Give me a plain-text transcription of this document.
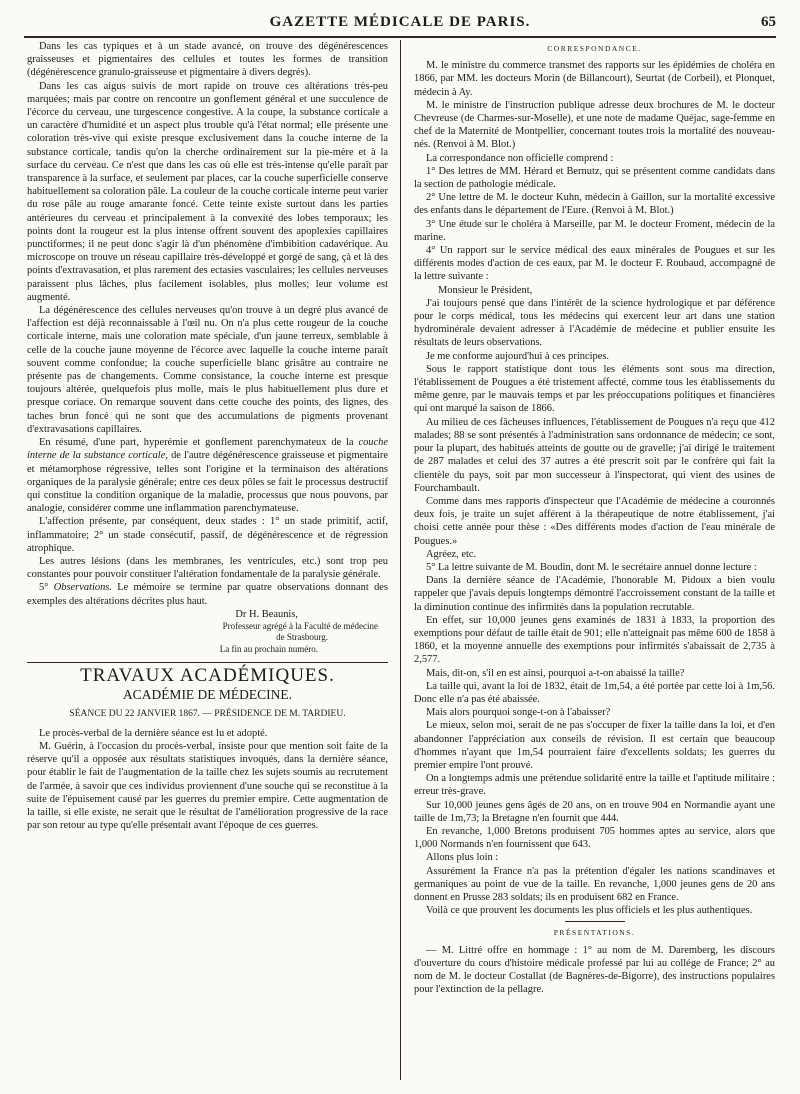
GAZETTE MÉDICALE DE PARIS.	65

Dans les cas typiques et à un stade avancé, on trouve des dégénérescences graisseuses et pigmentaires des cellules et toutes les formes de transition (dégénérescence granulo-graisseuse et pigmentaire à divers degrés).

Dans les cas aigus suivis de mort rapide on trouve ces altérations très-peu marquées; mais par contre on rencontre un gonflement général et une succulence de l'écorce du cerveau, une turgescence congestive. A la coupe, la substance corticale a un caractère d'humidité et un aspect plus trouble qu'à l'état normal; elle présente une coloration très-vive qui existe presque exclusivement dans la couche interne de la substance corticale, tandis qu'on la cherche ordinairement sur la pie-mère et à la surface du cerveau. Ce n'est que dans les cas où elle est très-intense qu'elle paraît par transparence à la surface, et seulement par places, car la couche superficielle conserve habituellement sa coloration pâle. La couleur de la couche corticale interne peut varier du rose pâle au rouge amarante foncé. Cette teinte existe surtout dans les parties antérieures du cerveau et principalement à la convexité des lobes temporaux; les points dont la rougeur est la plus intense offrent souvent des apoplexies capillaires punctiformes; il ne peut donc s'agir là d'un phénomène d'imbibition cadavérique. Au microscope on trouve un réseau capillaire très-développé et gorgé de sang, çà et là des points d'extravasation, et plus rarement des ectasies vasculaires; les cellules nerveuses paraissent plus lâches, plus facilement isolables, plus molles; leur volume est augmenté.

La dégénérescence des cellules nerveuses qu'on trouve à un degré plus avancé de l'affection est déjà reconnaissable à l'œil nu. On n'a plus cette rougeur de la couche corticale interne, mais une coloration mate spéciale, d'un jaune terreux, semblable à celle de la couche jaune moyenne de l'écorce avec laquelle la couche interne paraît souvent comme confondue; la couche superficielle blanc grisâtre au contraire ne présente pas de changements. Comme consistance, la couche interne est presque toujours altérée, quelquefois plus molle, mais le plus habituellement plus dure et presque coriace. On remarque souvent dans cette couche des points, des lignes, des taches brun foncé qui ne sont que des accumulations de pigments provenant d'extravasations capillaires.

En résumé, d'une part, hyperémie et gonflement parenchymateux de la couche interne de la substance corticale, de l'autre dégénérescence graisseuse et pigmentaire et métamorphose régressive, telles sont l'origine et la terminaison des altérations organiques de la paralysie générale; entre ces deux pôles se fait le processus destructif qui constitue la condition organique de la maladie, processus que nous pouvons, par analogie, considérer comme une inflammation parenchymateuse.

L'affection présente, par conséquent, deux stades : 1° un stade primitif, actif, inflammatoire; 2° un stade consécutif, passif, de dégénérescence et de régression atrophique.

Les autres lésions (dans les membranes, les ventricules, etc.) sont trop peu constantes pour pouvoir constituer l'altération fondamentale de la paralysie générale.

5° Observations. Le mémoire se termine par quatre observations donnant des exemples des altérations décrites plus haut.

Dr H. Beaunis,

Professeur agrégé à la Faculté de médecine

de Strasbourg.

La fin au prochain numéro.

TRAVAUX ACADÉMIQUES.
ACADÉMIE DE MÉDECINE.
SÉANCE DU 22 JANVIER 1867. — PRÉSIDENCE DE M. TARDIEU.

Le procès-verbal de la dernière séance est lu et adopté.

M. Guérin, à l'occasion du procès-verbal, insiste pour que mention soit faite de la réserve qu'il a opposée aux résultats statistiques invoqués, dans la dernière séance, pour établir le fait de l'augmentation de la taille chez les sujets soumis au recrutement de l'armée, à savoir que ces individus proviennent d'une souche qui se reconstitue à la suite de l'épuisement causé par les guerres du premier empire. Cette augmentation de la taille, si elle existe, ne serait que le résultat de l'amélioration progressive de la race par son retour au type qu'elle présentait avant l'époque de ces guerres.

CORRESPONDANCE.

M. le ministre du commerce transmet des rapports sur les épidémies de choléra en 1866, par MM. les docteurs Morin (de Billancourt), Seurtat (de Corbeil), et Plonquet, médecin à Ay.

M. le ministre de l'instruction publique adresse deux brochures de M. le docteur Chevreuse (de Charmes-sur-Moselle), et une note de madame Quéjac, sage-femme en chef de la Maternité de Montpellier, concernant toutes trois la mortalité des nouveau-nés. (Renvoi à M. Blot.)

La correspondance non officielle comprend :

1° Des lettres de MM. Hérard et Bernutz, qui se présentent comme candidats dans la section de pathologie médicale.

2° Une lettre de M. le docteur Kuhn, médecin à Gaillon, sur la mortalité excessive des enfants dans le département de l'Eure. (Renvoi à M. Blot.)

3° Une étude sur le choléra à Marseille, par M. le docteur Froment, médecin de la marine.

4° Un rapport sur le service médical des eaux minérales de Pougues et sur les différents modes d'action de ces eaux, par M. le docteur F. Roubaud, accompagné de la lettre suivante :

Monsieur le Président,

J'ai toujours pensé que dans l'intérêt de la science hydrologique et par déférence pour le corps médical, tous les médecins qui exercent leur art dans une station hydrominérale devaient adresser à l'Académie de médecine et publier ensuite les résultats de leurs observations.

Je me conforme aujourd'hui à ces principes.

Sous le rapport statistique dont tous les éléments sont sous ma direction, l'établissement de Pougues a été tristement affecté, comme tous les établissements du même genre, par le mauvais temps et par les préoccupations politiques et financières qui ont marqué la saison de 1866.

Au milieu de ces fâcheuses influences, l'établissement de Pougues n'a reçu que 412 malades; 88 se sont présentés à l'administration sans ordonnance de médecin; ce sont, pour la plupart, des habitués atteints de goutte ou de gravelle; j'ai dirigé le traitement de 287 malades et celui des 37 autres a été prescrit soit par le confrère qui fait la clientèle du pays, soit par mon successeur à l'inspectorat, qui vient des usines de Fourchambault.

Comme dans mes rapports d'inspecteur que l'Académie de médecine a couronnés deux fois, je traite un sujet afférent à la thérapeutique de notre établissement, j'ai choisi cette année pour thèse : «Des différents modes d'action de l'eau minérale de Pougues.»

Agréez, etc.

5° La lettre suivante de M. Boudin, dont M. le secrétaire annuel donne lecture :

Dans la dernière séance de l'Académie, l'honorable M. Pidoux a bien voulu rappeler que j'avais depuis longtemps démontré l'accroissement constant de la taille et la diminution continue des infirmités dans la population recrutable.

En effet, sur 10,000 jeunes gens examinés de 1831 à 1833, la proportion des exemptions pour défaut de taille était de 901; elle n'atteignait pas même 600 de 1858 à 1860, et la moyenne annuelle des exemptions pour infirmités s'abaissait de 2,735 à 2,577.

Mais, dit-on, s'il en est ainsi, pourquoi a-t-on abaissé la taille?

La taille qui, avant la loi de 1832, était de 1m,54, a été portée par cette loi à 1m,56. Donc elle n'a pas été abaissée.

Mais alors pourquoi songe-t-on à l'abaisser?

Le mieux, selon moi, serait de ne pas s'occuper de fixer la taille dans la loi, et d'en abandonner l'appréciation aux conseils de révision. Il est certain que beaucoup d'hommes n'ayant que 1m,54 pourraient faire d'excellents soldats; les guerres du premier empire l'ont prouvé.

On a longtemps admis une prétendue solidarité entre la taille et l'aptitude militaire : erreur très-grave.

Sur 10,000 jeunes gens âgés de 20 ans, on en trouve 904 en Normandie ayant une taille de 1m,73; la Bretagne n'en fournit que 444.

En revanche, 1,000 Bretons produisent 705 hommes aptes au service, alors que 1,000 Normands n'en fournissent que 643.

Allons plus loin :

Assurément la France n'a pas la prétention d'égaler les nations scandinaves et germaniques au point de vue de la taille. En revanche, 1,000 jeunes gens de 20 ans donnent en Prusse 283 soldats; ils en produisent 682 en France.

Voilà ce que prouvent les documents les plus officiels et les plus authentiques.

PRÉSENTATIONS.

— M. Littré offre en hommage : 1° au nom de M. Daremberg, les discours d'ouverture du cours d'histoire médicale professé par lui au collége de France; 2° au nom de M. le docteur Costallat (de Bagnères-de-Bigorre), des instructions populaires pour l'extinction de la pellagre.
